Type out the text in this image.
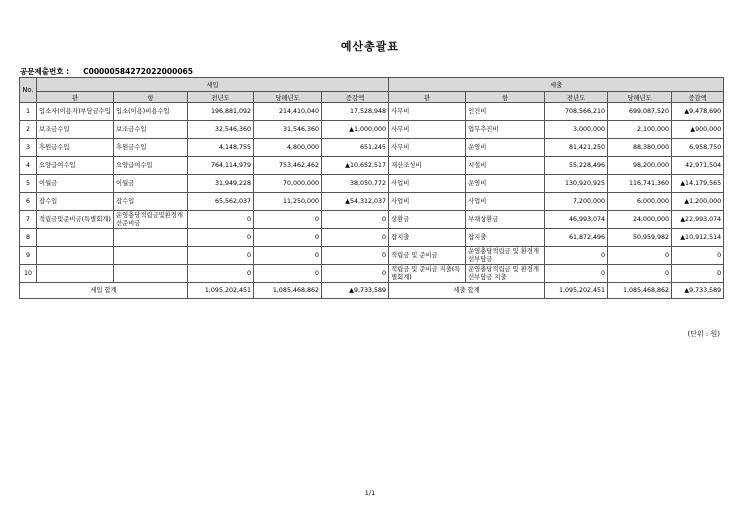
예산총괄표
공문제출번호 : C000005842720220000​65
No.	세입					세출				
	관	항	전년도	당해년도	증감액	관	항	전년도	당해년도	증감액
1	입소자(이용자)부담금수입	입소(이용)비용수입	196,881,092	214,410,040	17,528,948	사무비	인건비	708,566,210	699,087,520	▲9,478,690
2	보조금수입	보조금수입	32,546,360	31,546,360	▲1,000,000	사무비	업무추진비	3,000,000	2,100,000	▲900,000
3	후원금수입	후원금수입	4,148,755	4,800,000	651,245	사무비	운영비	81,421,250	88,380,000	6,958,750
4	요양급여수입	요양급여수입	764,114,979	753,462,462	▲10,652,517	재산조성비	시설비	55,228,496	98,200,000	42,971,504
5	이월금	이월금	31,949,228	70,000,000	38,050,772	사업비	운영비	130,920,925	116,741,360	▲14,179,565
6	잡수입	잡수입	65,562,037	11,250,000	▲54,312,037	사업비	사업비	7,200,000	6,000,000	▲1,200,000
7	적립금및준비금(특별회계)	운영충당적립금및환경개선준비금	0	0	0	상환금	부채상환금	46,993,074	24,000,000	▲22,993,074
8			0	0	0	잡지출	잡지출	61,872,496	50,959,982	▲10,912,514
9			0	0	0	적립금 및 준비금	운영충당적립금 및 환경개선부담금	0	0	0
10			0	0	0	적립금 및 준비금 지출(특별회계)	운영충당적립금 및 환경개선부담금 지출	0	0	0
세입 합계			1,095,202,451	1,085,468,862	▲9,733,589	세출 합계		1,095,202,451	1,085,468,862	▲9,733,589
(단위 : 원)
1/1
